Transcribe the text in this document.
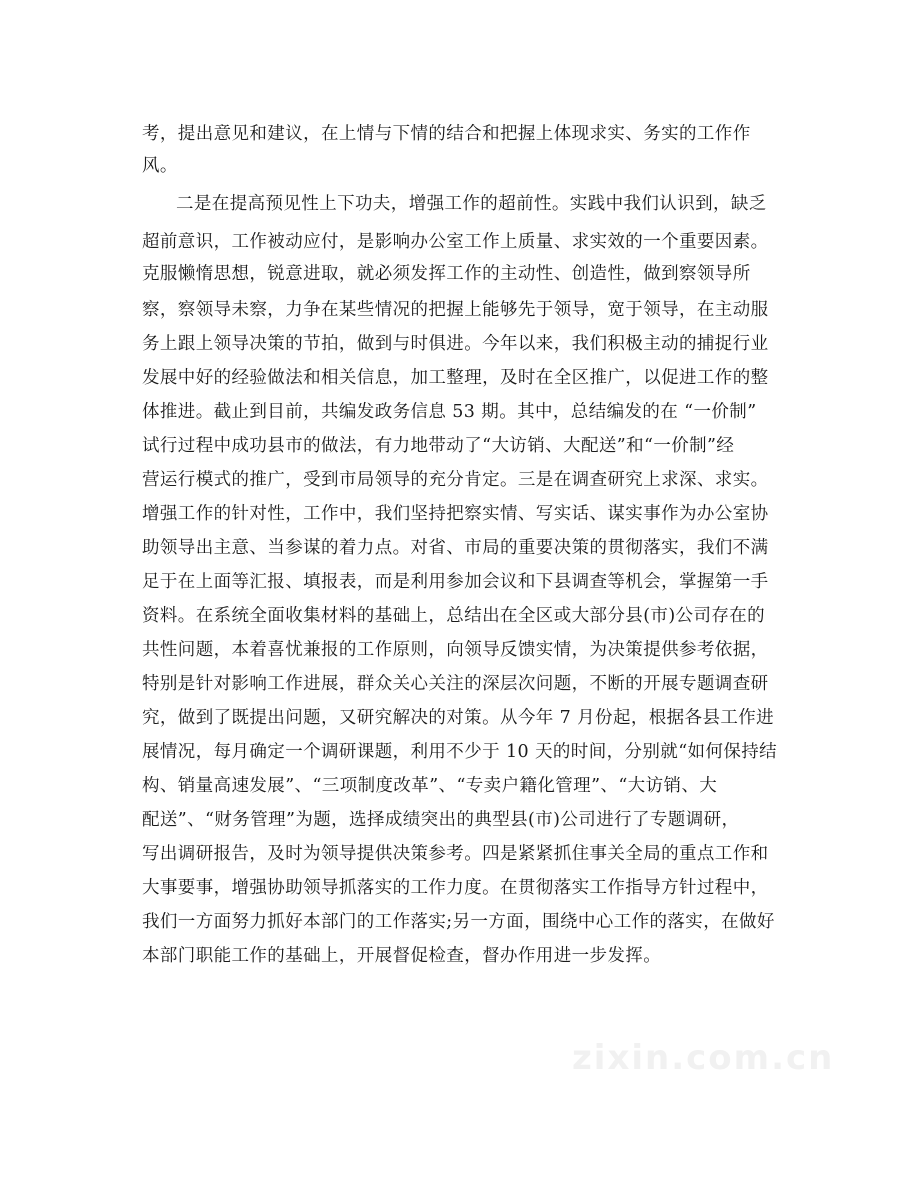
考，提出意见和建议，在上情与下情的结合和把握上体现求实、务实的工作作
风。
二是在提高预见性上下功夫，增强工作的超前性。实践中我们认识到，缺乏
超前意识，工作被动应付，是影响办公室工作上质量、求实效的一个重要因素。
克服懒惰思想，锐意进取，就必须发挥工作的主动性、创造性，做到察领导所
察，察领导未察，力争在某些情况的把握上能够先于领导，宽于领导，在主动服
务上跟上领导决策的节拍，做到与时俱进。今年以来，我们积极主动的捕捉行业
发展中好的经验做法和相关信息，加工整理，及时在全区推广，以促进工作的整
体推进。截止到目前，共编发政务信息 53 期。其中，总结编发的在 “一价制”
试行过程中成功县市的做法，有力地带动了“大访销、大配送”和“一价制”经
营运行模式的推广，受到市局领导的充分肯定。三是在调查研究上求深、求实。
增强工作的针对性，工作中，我们坚持把察实情、写实话、谋实事作为办公室协
助领导出主意、当参谋的着力点。对省、市局的重要决策的贯彻落实，我们不满
足于在上面等汇报、填报表，而是利用参加会议和下县调查等机会，掌握第一手
资料。在系统全面收集材料的基础上，总结出在全区或大部分县(市)公司存在的
共性问题，本着喜忧兼报的工作原则，向领导反馈实情，为决策提供参考依据，
特别是针对影响工作进展，群众关心关注的深层次问题，不断的开展专题调查研
究，做到了既提出问题，又研究解决的对策。从今年 7 月份起，根据各县工作进
展情况，每月确定一个调研课题，利用不少于 10 天的时间，分别就“如何保持结
构、销量高速发展”、“三项制度改革”、“专卖户籍化管理”、“大访销、大
配送”、“财务管理”为题，选择成绩突出的典型县(市)公司进行了专题调研，
写出调研报告，及时为领导提供决策参考。四是紧紧抓住事关全局的重点工作和
大事要事，增强协助领导抓落实的工作力度。在贯彻落实工作指导方针过程中，
我们一方面努力抓好本部门的工作落实;另一方面，围绕中心工作的落实，在做好
本部门职能工作的基础上，开展督促检查，督办作用进一步发挥。
zixin.com.cn
